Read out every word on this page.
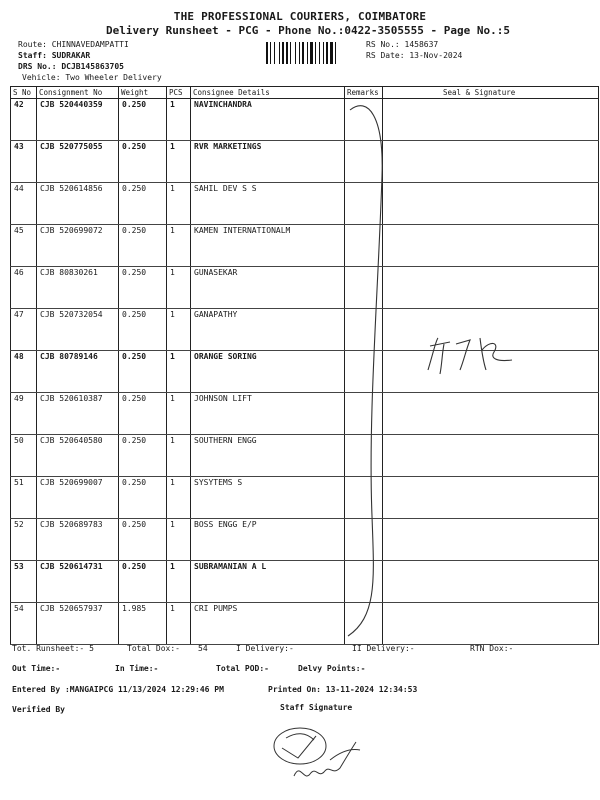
THE PROFESSIONAL COURIERS, COIMBATORE
Delivery Runsheet - PCG - Phone No.:0422-3505555 - Page No.:5
Route: CHINNAVEDAMPATTI
Staff: SUDRAKAR
DRS No.: DCJB145863705
Vehicle: Two Wheeler Delivery
RS No.: 1458637
RS Date: 13-Nov-2024
S No	Consignment No	Weight	PCS	Consignee Details	Remarks	Seal & Signature
42	CJB 520440359	0.250	1	NAVINCHANDRA		
43	CJB 520775055	0.250	1	RVR MARKETINGS		
44	CJB 520614856	0.250	1	SAHIL DEV S S		
45	CJB 520699072	0.250	1	KAMEN INTERNATIONALM		
46	CJB 80830261	0.250	1	GUNASEKAR		
47	CJB 520732054	0.250	1	GANAPATHY		
48	CJB 80789146	0.250	1	ORANGE SORING		
49	CJB 520610387	0.250	1	JOHNSON LIFT		
50	CJB 520640580	0.250	1	SOUTHERN ENGG		
51	CJB 520699007	0.250	1	SYSYTEMS S		
52	CJB 520689783	0.250	1	BOSS ENGG E/P		
53	CJB 520614731	0.250	1	SUBRAMANIAN A L		
54	CJB 520657937	1.985	1	CRI PUMPS		
Tot. Runsheet:- 5	Total Dox:- 54	I Delivery:-	II Delivery:-	RTN Dox:-
Out Time:-	In Time:-	Total POD:-	Delvy Points:-
Entered By :MANGAIPCG 11/13/2024 12:29:46 PM	Printed On: 13-11-2024 12:34:53
Verified By	Staff Signature
